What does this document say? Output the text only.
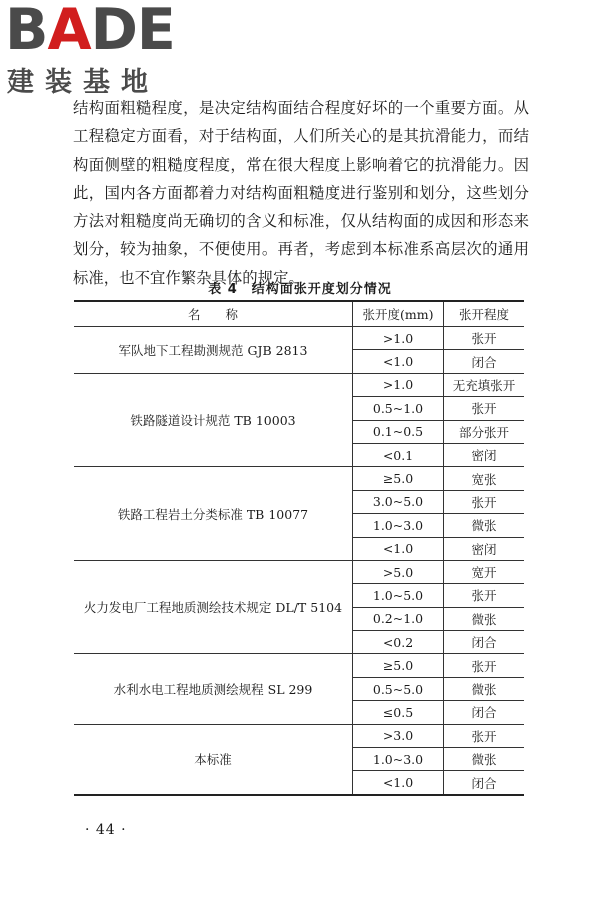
BADE
建装基地

结构面粗糙程度，是决定结构面结合程度好坏的一个重要方面。从工程稳定方面看，对于结构面，人们所关心的是其抗滑能力，而结构面侧壁的粗糙度程度，常在很大程度上影响着它的抗滑能力。因此，国内各方面都着力对结构面粗糙度进行鉴别和划分，这些划分方法对粗糙度尚无确切的含义和标准，仅从结构面的成因和形态来划分，较为抽象，不便使用。再者，考虑到本标准系高层次的通用标准，也不宜作繁杂具体的规定。

表 4　结构面张开度划分情况
名　　称	张开度(mm)	张开程度
军队地下工程勘测规范 GJB 2813	>1.0	张开
	<1.0	闭合
铁路隧道设计规范 TB 10003	>1.0	无充填张开
	0.5~1.0	张开
	0.1~0.5	部分张开
	<0.1	密闭
铁路工程岩土分类标准 TB 10077	≥5.0	宽张
	3.0~5.0	张开
	1.0~3.0	微张
	<1.0	密闭
火力发电厂工程地质测绘技术规定 DL/T 5104	>5.0	宽开
	1.0~5.0	张开
	0.2~1.0	微张
	<0.2	闭合
水利水电工程地质测绘规程 SL 299	≥5.0	张开
	0.5~5.0	微张
	≤0.5	闭合
本标准	>3.0	张开
	1.0~3.0	微张
	<1.0	闭合
· 44 ·
